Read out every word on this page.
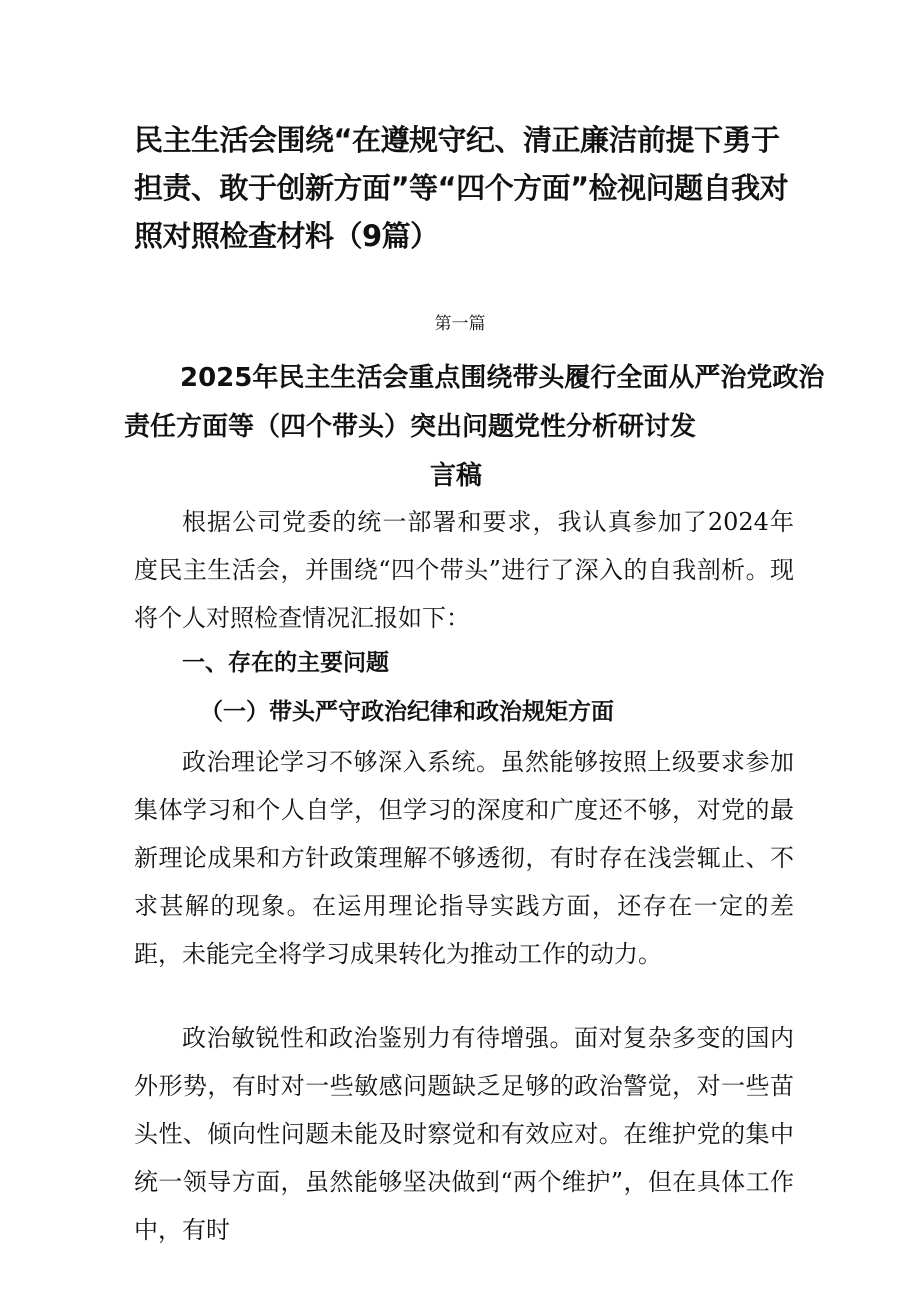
民主生活会围绕“在遵规守纪、清正廉洁前提下勇于担责、敢于创新方面”等“四个方面”检视问题自我对照对照检查材料（9篇）

第一篇

2025年民主生活会重点围绕带头履行全面从严治党政治
责任方面等（四个带头）突出问题党性分析研讨发
言稿

根据公司党委的统一部署和要求，我认真参加了2024年度民主生活会，并围绕“四个带头”进行了深入的自我剖析。现将个人对照检查情况汇报如下：

一、存在的主要问题
（一）带头严守政治纪律和政治规矩方面

政治理论学习不够深入系统。虽然能够按照上级要求参加集体学习和个人自学，但学习的深度和广度还不够，对党的最新理论成果和方针政策理解不够透彻，有时存在浅尝辄止、不求甚解的现象。在运用理论指导实践方面，还存在一定的差距，未能完全将学习成果转化为推动工作的动力。

政治敏锐性和政治鉴别力有待增强。面对复杂多变的国内外形势，有时对一些敏感问题缺乏足够的政治警觉，对一些苗头性、倾向性问题未能及时察觉和有效应对。在维护党的集中统一领导方面，虽然能够坚决做到“两个维护”，但在具体工作中，有时
